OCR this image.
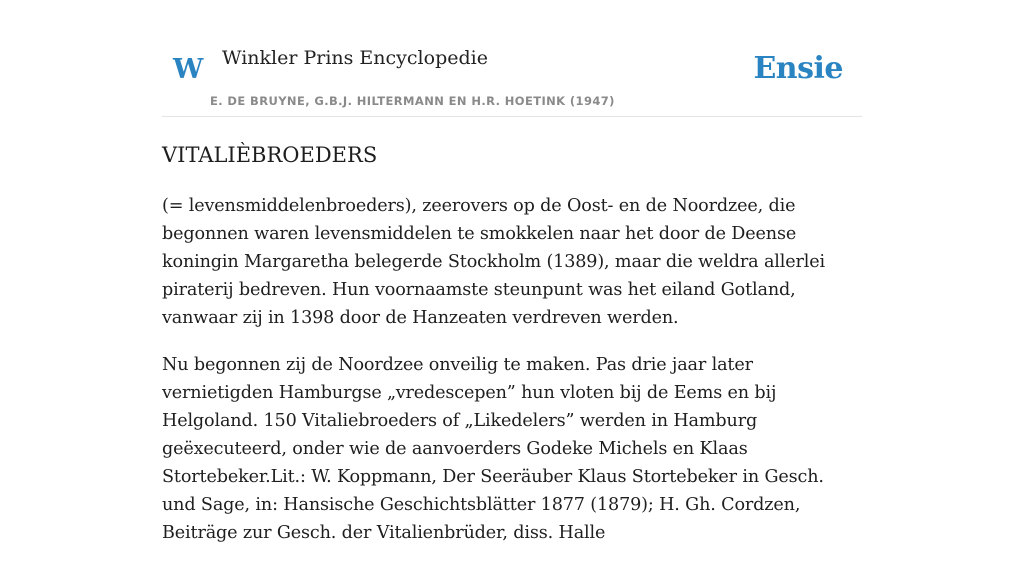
W Winkler Prins Encyclopedie
E. DE BRUYNE, G.B.J. HILTERMANN EN H.R. HOETINK (1947)
Ensie
VITALIÈBROEDERS

(= levensmiddelenbroeders), zeerovers op de Oost- en de Noordzee, die begonnen waren levensmiddelen te smokkelen naar het door de Deense koningin Margaretha belegerde Stockholm (1389), maar die weldra allerlei piraterij bedreven. Hun voornaamste steunpunt was het eiland Gotland, vanwaar zij in 1398 door de Hanzeaten verdreven werden.

Nu begonnen zij de Noordzee onveilig te maken. Pas drie jaar later vernietigden Hamburgse „vredescepen” hun vloten bij de Eems en bij Helgoland. 150 Vitaliebroeders of „Likedelers” werden in Hamburg geëxecuteerd, onder wie de aanvoerders Godeke Michels en Klaas Stortebeker.Lit.: W. Koppmann, Der Seeräuber Klaus Stortebeker in Gesch. und Sage, in: Hansische Geschichtsblätter 1877 (1879); H. Gh. Cordzen, Beiträge zur Gesch. der Vitalienbrüder, diss. Halle
